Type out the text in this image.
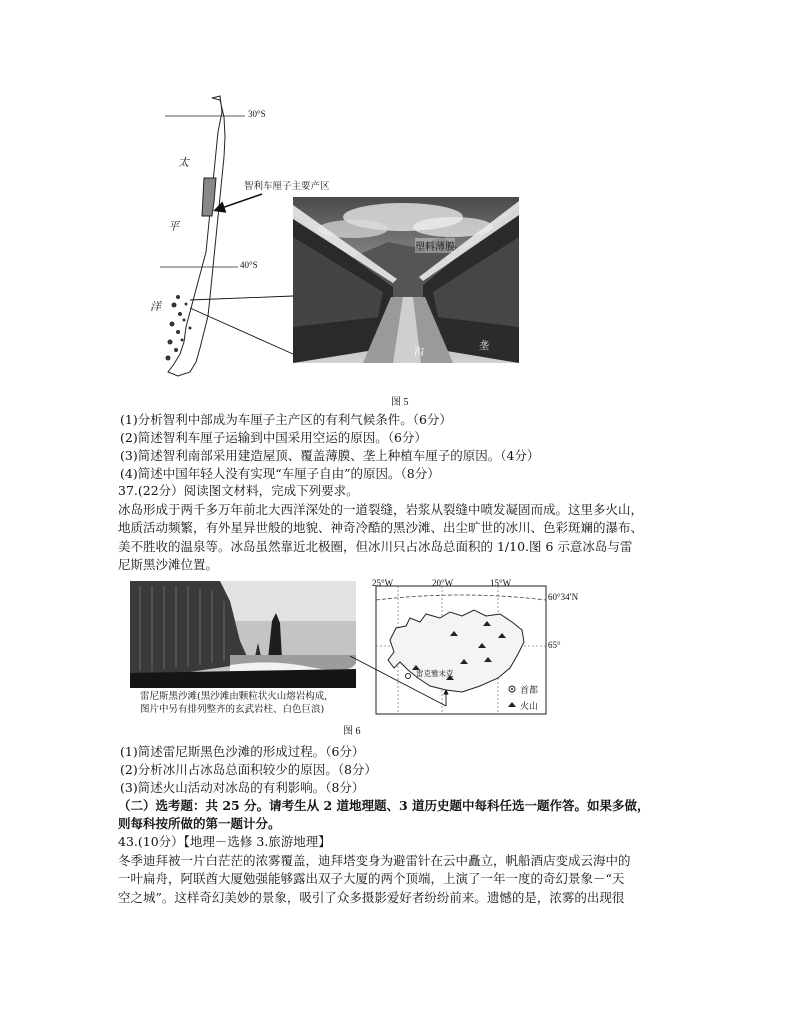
30°S
40°S
太
平
洋
智利车厘子主要产区
塑料薄膜
沟
垄
图 5
(1)分析智利中部成为车厘子主产区的有利气候条件。（6分）
(2)简述智利车厘子运输到中国采用空运的原因。（6分）
(3)简述智利南部采用建造屋顶、覆盖薄膜、垄上种植车厘子的原因。（4分）
(4)简述中国年轻人没有实现“车厘子自由”的原因。（8分）
37.(22分）阅读图文材料，完成下列要求。
冰岛形成于两千多万年前北大西洋深处的一道裂缝，岩浆从裂缝中喷发凝固而成。这里多火山，
地质活动频繁，有外星异世般的地貌、神奇冷酷的黑沙滩、出尘旷世的冰川、色彩斑斓的瀑布、
美不胜收的温泉等。冰岛虽然靠近北极圈，但冰川只占冰岛总面积的 1/10.图 6 示意冰岛与雷
尼斯黑沙滩位置。
雷尼斯黑沙滩(黑沙滩由颗粒状火山熔岩构成,
图片中另有排列整齐的玄武岩柱、白色巨浪)
25°W	20°W	15°W
60°34′N
65°
雷克雅未克
首都
火山
图 6
(1)简述雷尼斯黑色沙滩的形成过程。（6分）
(2)分析冰川占冰岛总面积较少的原因。（8分）
(3)简述火山活动对冰岛的有利影响。（8分）
（二）选考题：共 25 分。请考生从 2 道地理题、3 道历史题中每科任选一题作答。如果多做，
则每科按所做的第一题计分。
43.(10分）【地理－选修 3.旅游地理】
冬季迪拜被一片白茫茫的浓雾覆盖，迪拜塔变身为避雷针在云中矗立，帆船酒店变成云海中的
一叶扁舟，阿联酋大厦勉强能够露出双子大厦的两个顶端，上演了一年一度的奇幻景象－“天
空之城”。这样奇幻美妙的景象，吸引了众多摄影爱好者纷纷前来。遗憾的是，浓雾的出现很
